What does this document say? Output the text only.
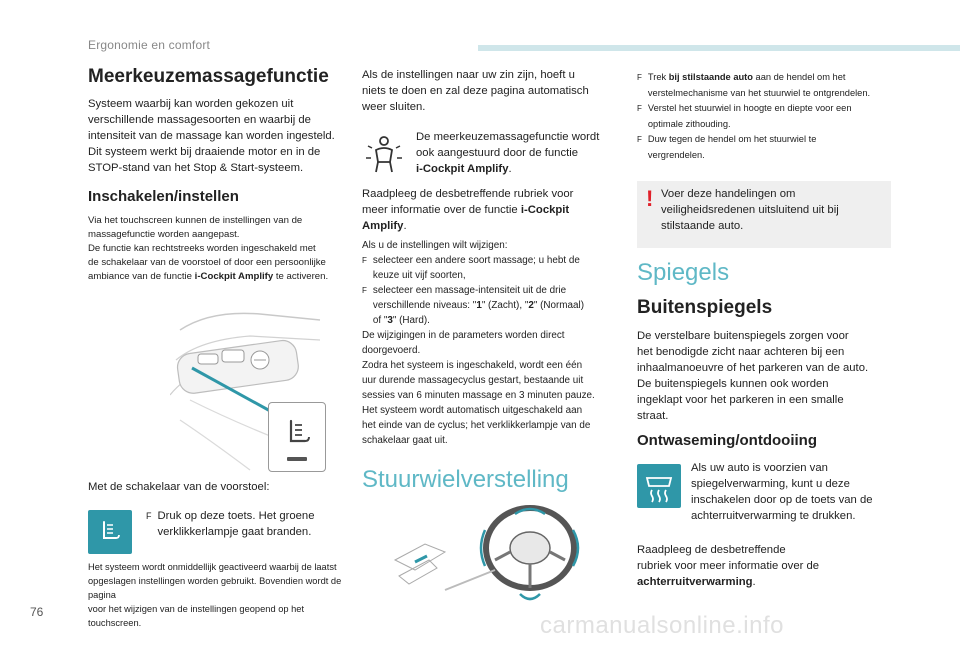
Ergonomie en comfort
Meerkeuzemassagefunctie

Systeem waarbij kan worden gekozen uit

verschillende massagesoorten en waarbij de

intensiteit van de massage kan worden ingesteld.

Dit systeem werkt bij draaiende motor en in de

STOP-stand van het Stop & Start-systeem.

Inschakelen/instellen

Via het touchscreen kunnen de instellingen van de

massagefunctie worden aangepast.

De functie kan rechtstreeks worden ingeschakeld met

de schakelaar van de voorstoel of door een persoonlijke

ambiance van de functie i-Cockpit Amplify te activeren.

Met de schakelaar van de voorstoel:
F Druk op deze toets. Het groene

verklikkerlampje gaat branden.

Het systeem wordt onmiddellijk geactiveerd waarbij de laatst

opgeslagen instellingen worden gebruikt. Bovendien wordt de pagina

voor het wijzigen van de instellingen geopend op het touchscreen.

Als de instellingen naar uw zin zijn, hoeft u

niets te doen en zal deze pagina automatisch

weer sluiten.

De meerkeuzemassagefunctie wordt

ook aangestuurd door de functie

i-Cockpit Amplify.

Raadpleeg de desbetreffende rubriek voor

meer informatie over de functie i-Cockpit

Amplify.

Als u de instellingen wilt wijzigen:

F selecteer een andere soort massage; u hebt de

keuze uit vijf soorten,

F selecteer een massage-intensiteit uit de drie

verschillende niveaus: "1" (Zacht), "2" (Normaal)

of "3" (Hard).

De wijzigingen in de parameters worden direct

doorgevoerd.

Zodra het systeem is ingeschakeld, wordt een één

uur durende massagecyclus gestart, bestaande uit

sessies van 6 minuten massage en 3 minuten pauze.

Het systeem wordt automatisch uitgeschakeld aan

het einde van de cyclus; het verklikkerlampje van de

schakelaar gaat uit.

Stuurwielverstelling
F Trek bij stilstaande auto aan de hendel om het

verstelmechanisme van het stuurwiel te ontgrendelen.

F Verstel het stuurwiel in hoogte en diepte voor een

optimale zithouding.

F Duw tegen de hendel om het stuurwiel te

vergrendelen.

! Voer deze handelingen om

veiligheidsredenen uitsluitend uit bij

stilstaande auto.

Spiegels
Buitenspiegels

De verstelbare buitenspiegels zorgen voor

het benodigde zicht naar achteren bij een

inhaalmanoeuvre of het parkeren van de auto.

De buitenspiegels kunnen ook worden

ingeklapt voor het parkeren in een smalle

straat.

Ontwaseming/ontdooiing

Als uw auto is voorzien van

spiegelverwarming, kunt u deze

inschakelen door op de toets van de

achterruitverwarming te drukken.

Raadpleeg de desbetreffende

rubriek voor meer informatie over de

achterruitverwarming.

76	carmanualsonline.info
